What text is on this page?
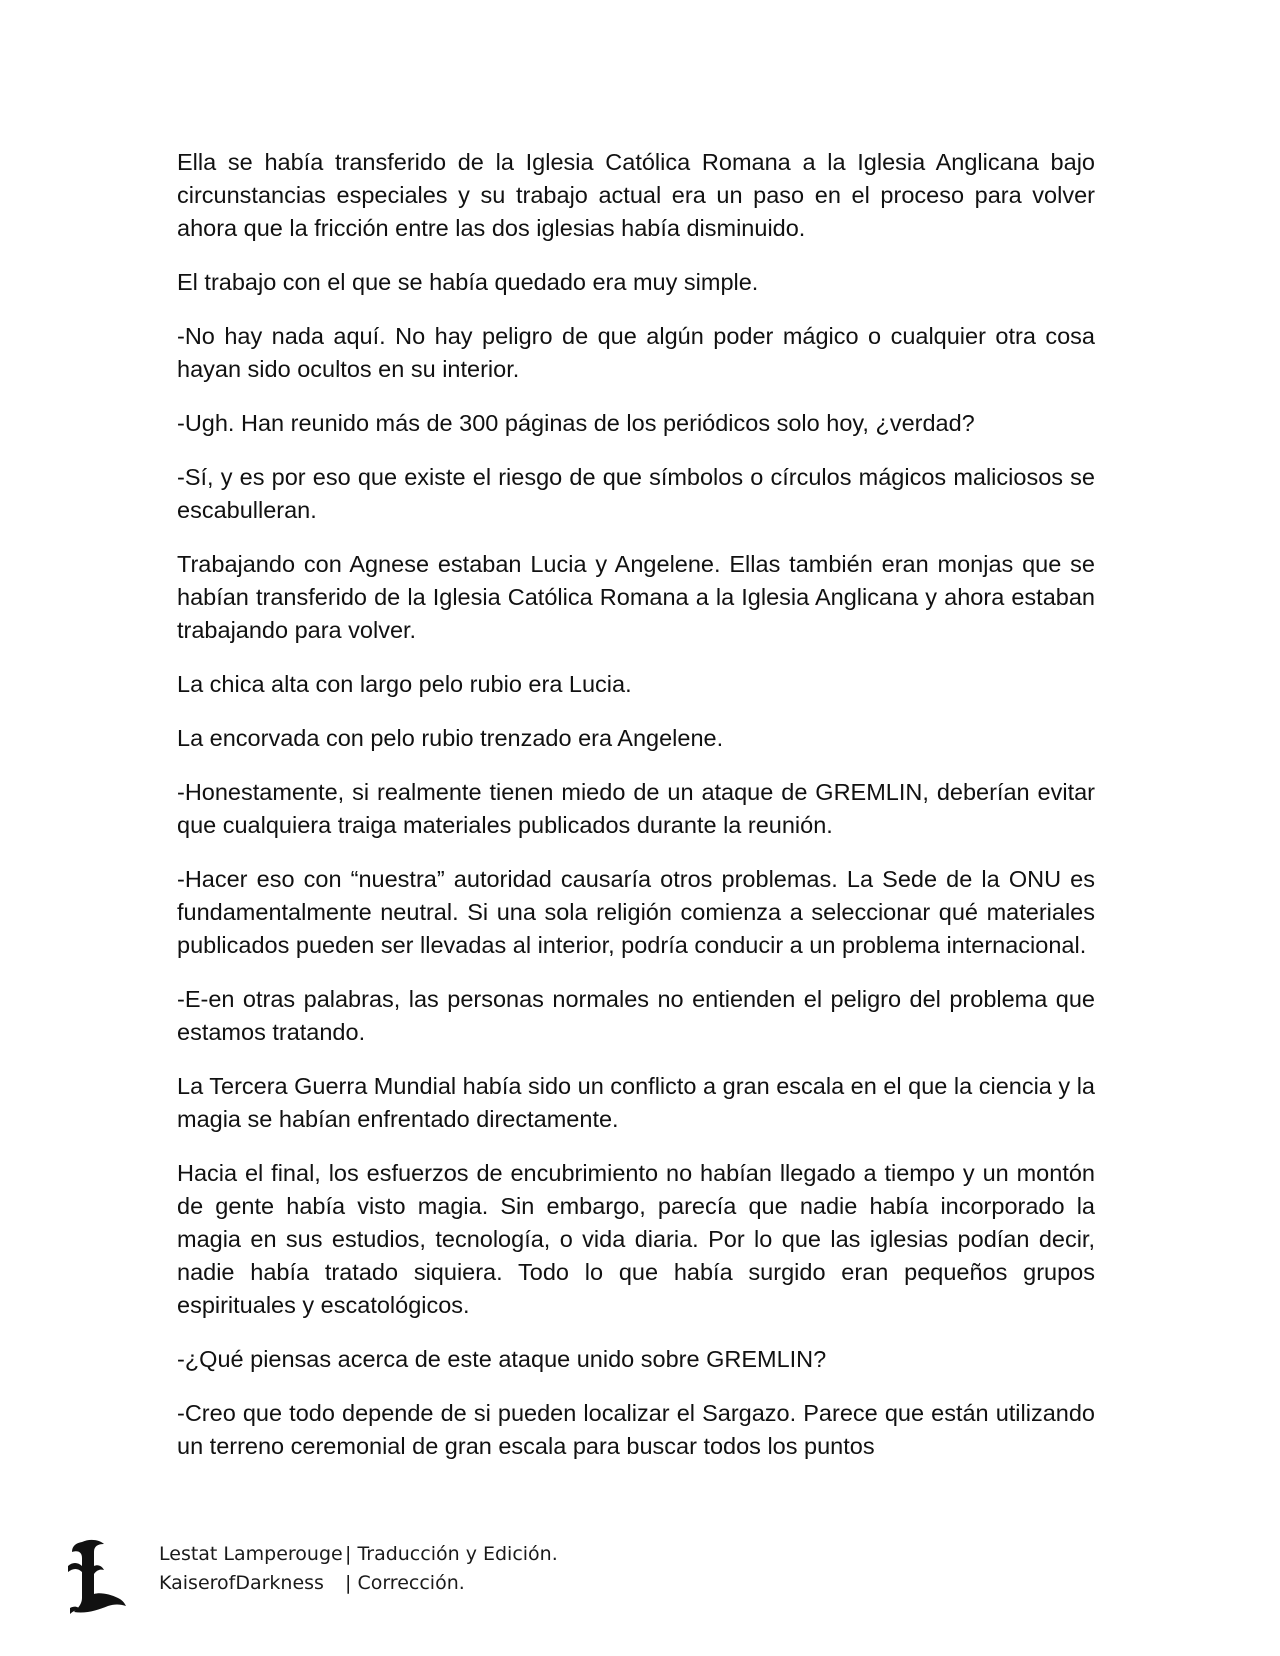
Ella se había transferido de la Iglesia Católica Romana a la Iglesia Anglicana bajo circunstancias especiales y su trabajo actual era un paso en el proceso para volver ahora que la fricción entre las dos iglesias había disminuido.

El trabajo con el que se había quedado era muy simple.

-No hay nada aquí. No hay peligro de que algún poder mágico o cualquier otra cosa hayan sido ocultos en su interior.

-Ugh. Han reunido más de 300 páginas de los periódicos solo hoy, ¿verdad?

-Sí, y es por eso que existe el riesgo de que símbolos o círculos mágicos maliciosos se escabulleran.

Trabajando con Agnese estaban Lucia y Angelene. Ellas también eran monjas que se habían transferido de la Iglesia Católica Romana a la Iglesia Anglicana y ahora estaban trabajando para volver.

La chica alta con largo pelo rubio era Lucia.

La encorvada con pelo rubio trenzado era Angelene.

-Honestamente, si realmente tienen miedo de un ataque de GREMLIN, deberían evitar que cualquiera traiga materiales publicados durante la reunión.

-Hacer eso con “nuestra” autoridad causaría otros problemas. La Sede de la ONU es fundamentalmente neutral. Si una sola religión comienza a seleccionar qué materiales publicados pueden ser llevadas al interior, podría conducir a un problema internacional.

-E-en otras palabras, las personas normales no entienden el peligro del problema que estamos tratando.

La Tercera Guerra Mundial había sido un conflicto a gran escala en el que la ciencia y la magia se habían enfrentado directamente.

Hacia el final, los esfuerzos de encubrimiento no habían llegado a tiempo y un montón de gente había visto magia. Sin embargo, parecía que nadie había incorporado la magia en sus estudios, tecnología, o vida diaria. Por lo que las iglesias podían decir, nadie había tratado siquiera. Todo lo que había surgido eran pequeños grupos espirituales y escatológicos.

-¿Qué piensas acerca de este ataque unido sobre GREMLIN?

-Creo que todo depende de si pueden localizar el Sargazo. Parece que están utilizando un terreno ceremonial de gran escala para buscar todos los puntos

Lestat Lamperouge | Traducción y Edición.
KaiserofDarkness	| Corrección.
